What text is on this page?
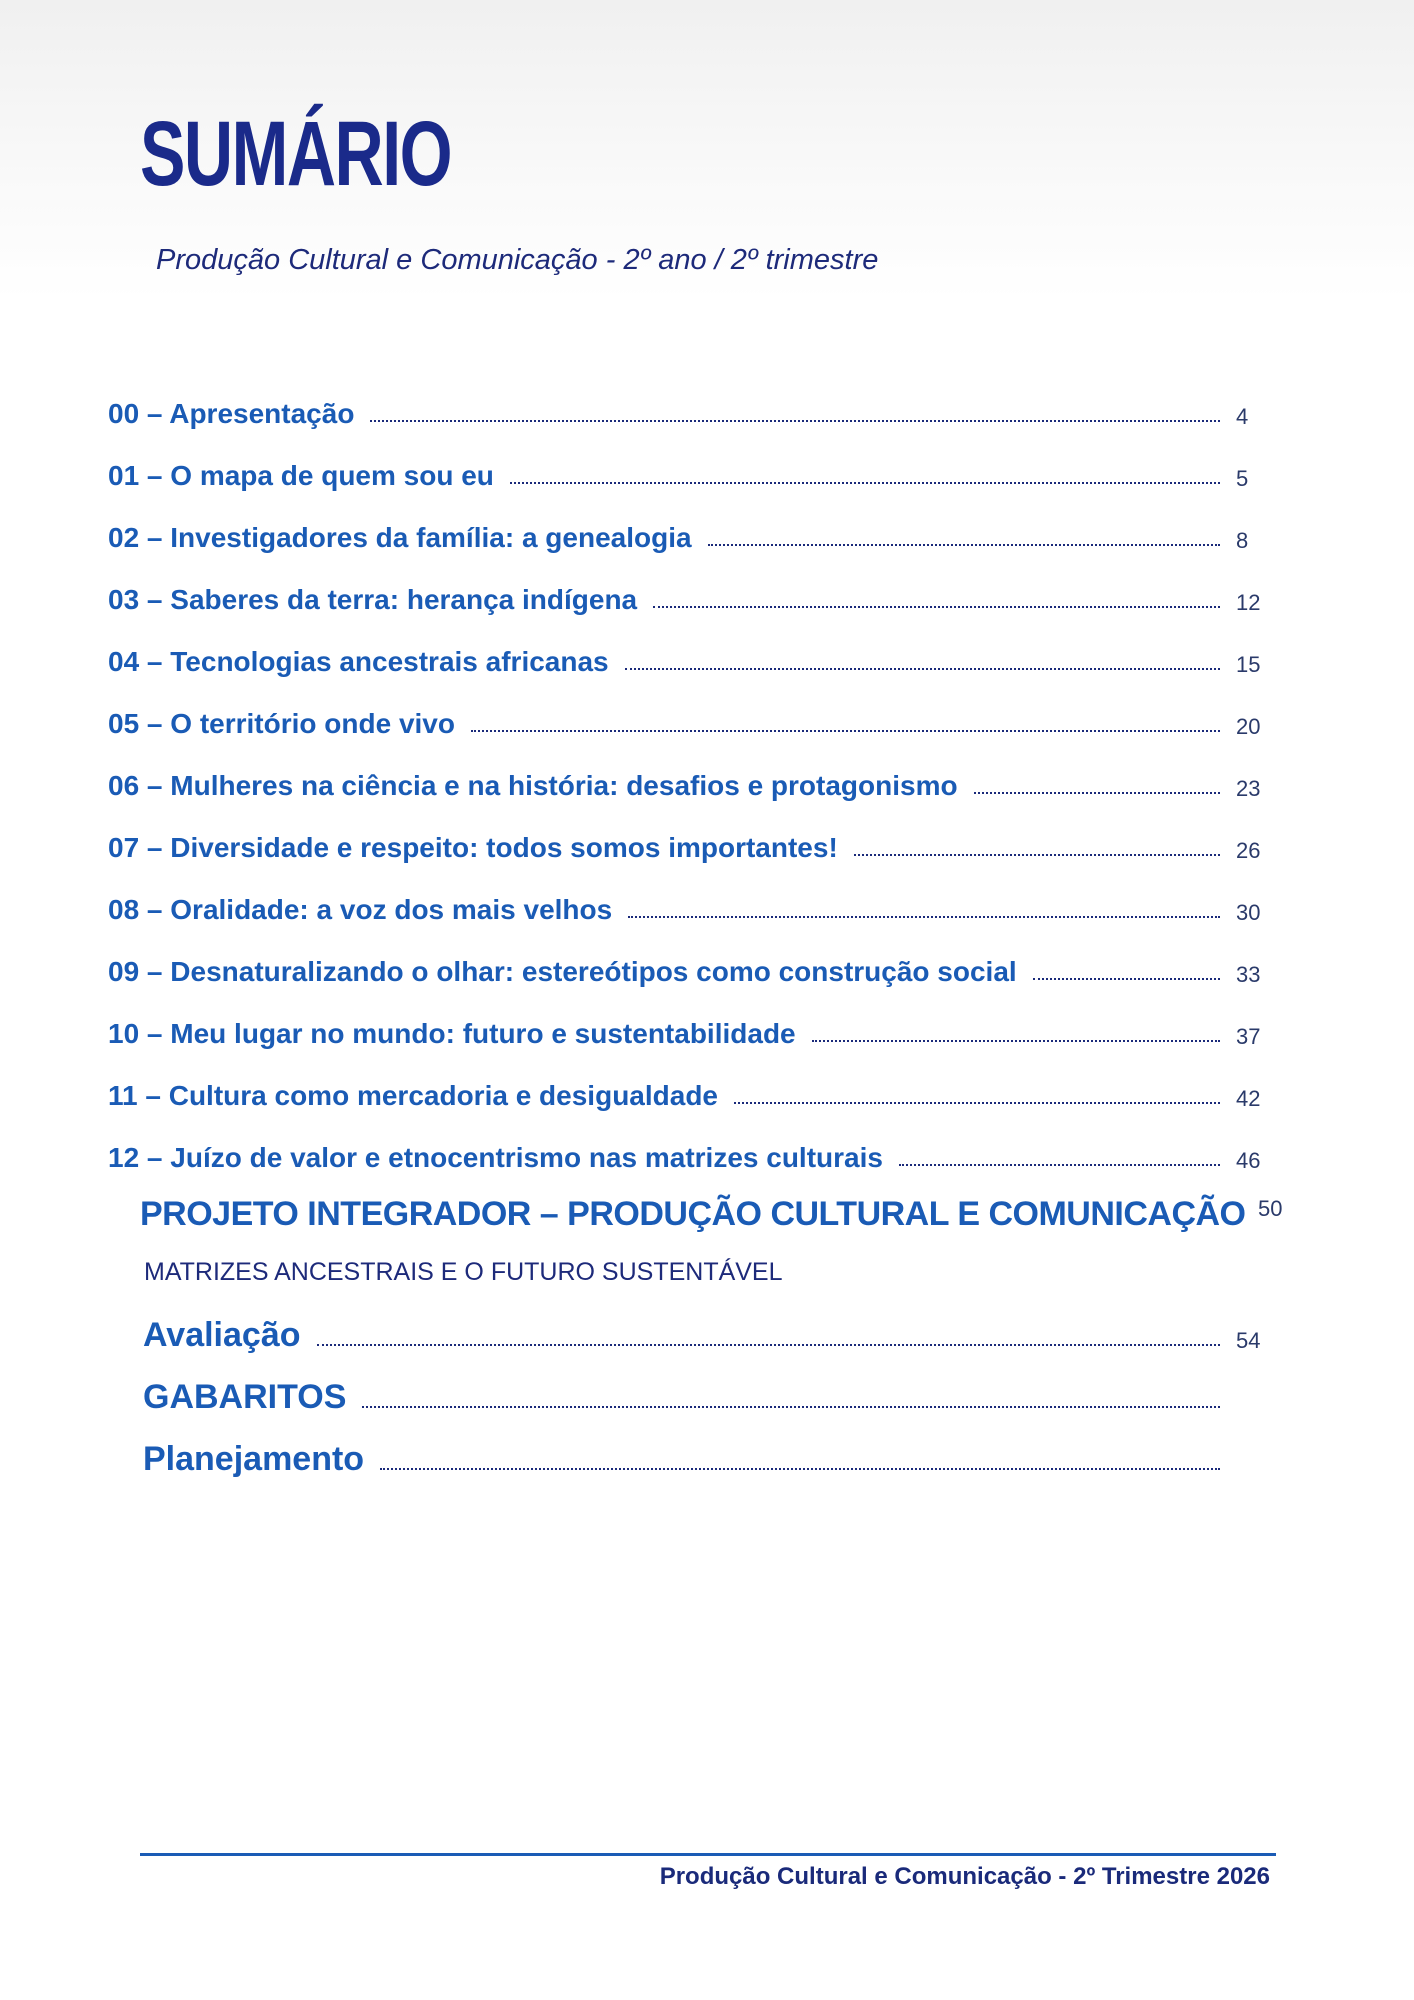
SUMÁRIO

Produção Cultural e Comunicação - 2º ano / 2º trimestre

00 – Apresentação	4
01 – O mapa de quem sou eu	5
02 – Investigadores da família: a genealogia	8
03 – Saberes da terra: herança indígena	12
04 – Tecnologias ancestrais africanas	15
05 – O território onde vivo	20
06 – Mulheres na ciência e na história: desafios e protagonismo	23
07 – Diversidade e respeito: todos somos importantes!	26
08 – Oralidade: a voz dos mais velhos	30
09 – Desnaturalizando o olhar: estereótipos como construção social	33
10 – Meu lugar no mundo: futuro e sustentabilidade	37
11 – Cultura como mercadoria e desigualdade	42
12 – Juízo de valor e etnocentrismo nas matrizes culturais	46

PROJETO INTEGRADOR – PRODUÇÃO CULTURAL E COMUNICAÇÃO 50

MATRIZES ANCESTRAIS E O FUTURO SUSTENTÁVEL

Avaliação	54
GABARITOS
Planejamento
Produção Cultural e Comunicação - 2º Trimestre 2026
